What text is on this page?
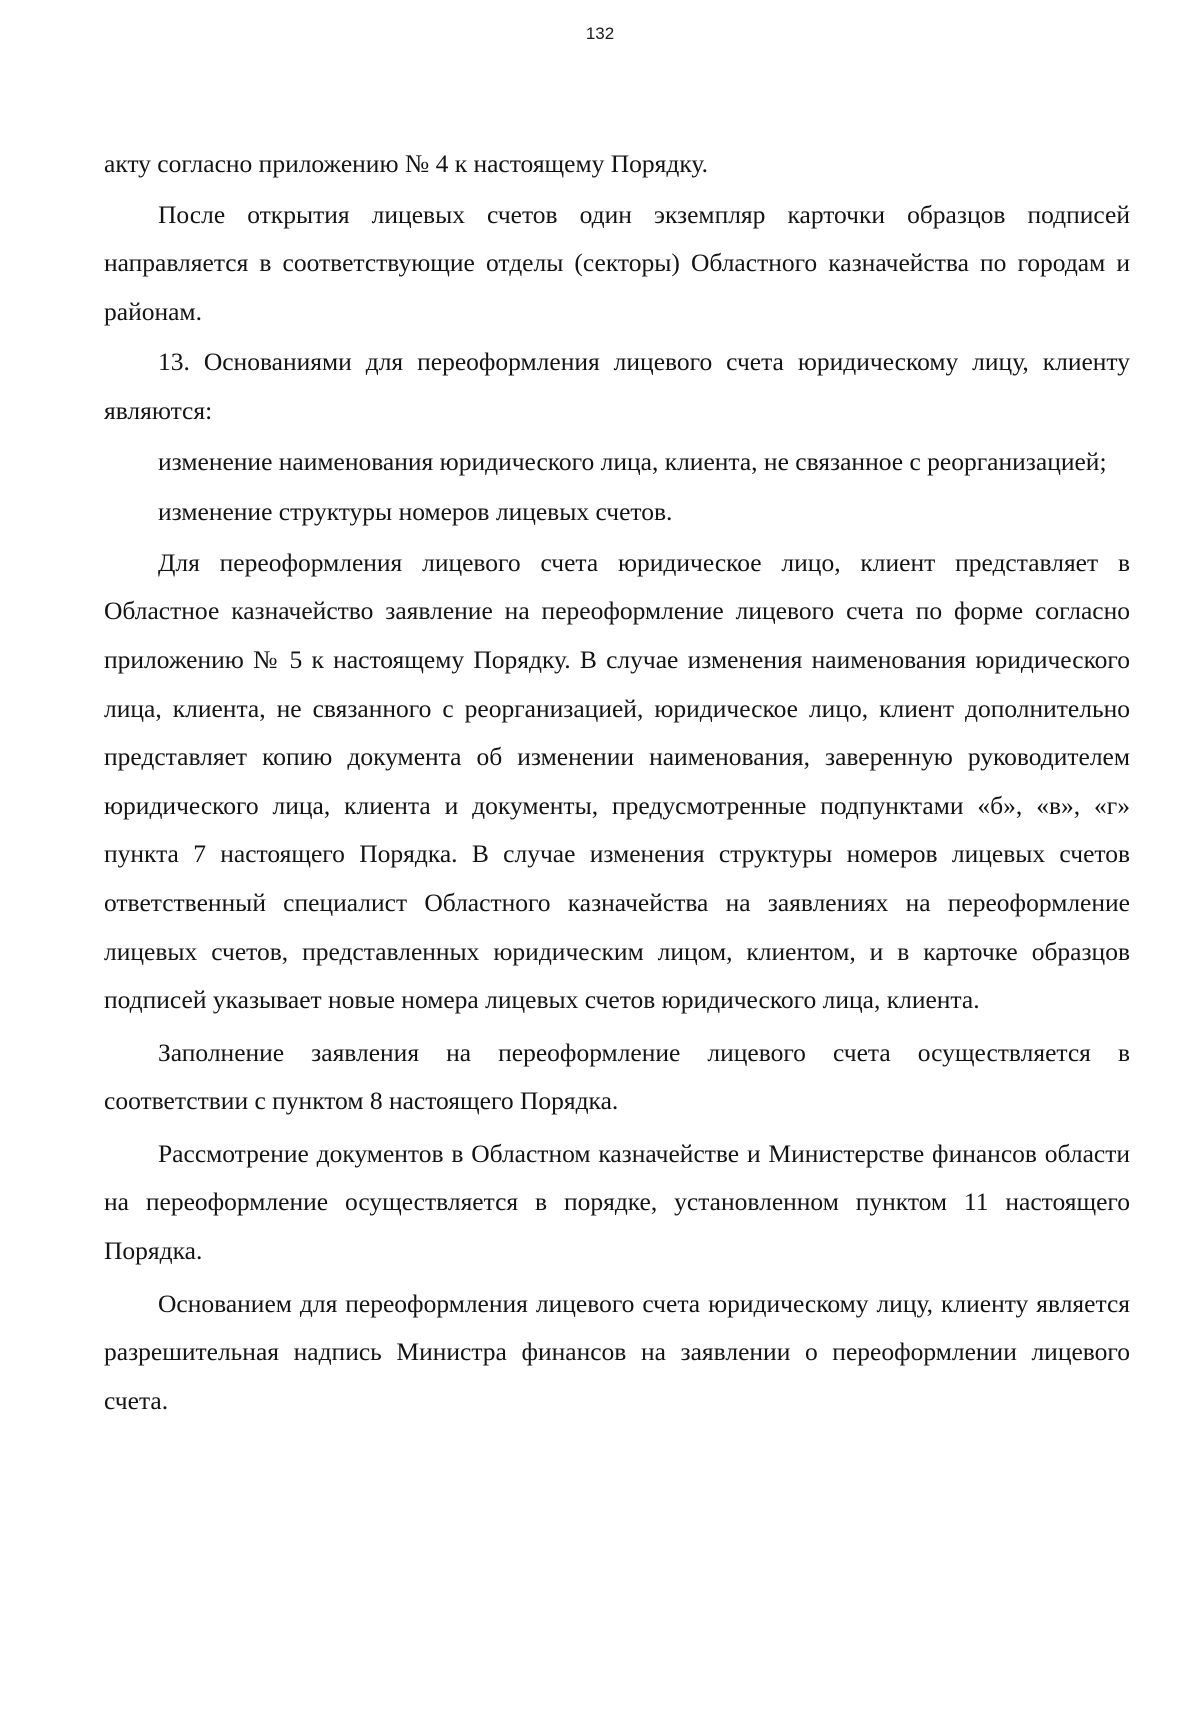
132

акту согласно приложению № 4 к настоящему Порядку.

После открытия лицевых счетов один экземпляр карточки образцов подписей направляется в соответствующие отделы (секторы) Областного казначейства по городам и районам.

13. Основаниями для переоформления лицевого счета юридическому лицу, клиенту являются:

изменение наименования юридического лица, клиента, не связанное с реорганизацией;

изменение структуры номеров лицевых счетов.

Для переоформления лицевого счета юридическое лицо, клиент представляет в Областное казначейство заявление на переоформление лицевого счета по форме согласно приложению № 5 к настоящему Порядку. В случае изменения наименования юридического лица, клиента, не связанного с реорганизацией, юридическое лицо, клиент дополнительно представляет копию документа об изменении наименования, заверенную руководителем юридического лица, клиента и документы, предусмотренные подпунктами «б», «в», «г» пункта 7 настоящего Порядка. В случае изменения структуры номеров лицевых счетов ответственный специалист Областного казначейства на заявлениях на переоформление лицевых счетов, представленных юридическим лицом, клиентом, и в карточке образцов подписей указывает новые номера лицевых счетов юридического лица, клиента.

Заполнение заявления на переоформление лицевого счета осуществляется в соответствии с пунктом 8 настоящего Порядка.

Рассмотрение документов в Областном казначействе и Министерстве финансов области на переоформление осуществляется в порядке, установленном пунктом 11 настоящего Порядка.

Основанием для переоформления лицевого счета юридическому лицу, клиенту является разрешительная надпись Министра финансов на заявлении о переоформлении лицевого счета.
